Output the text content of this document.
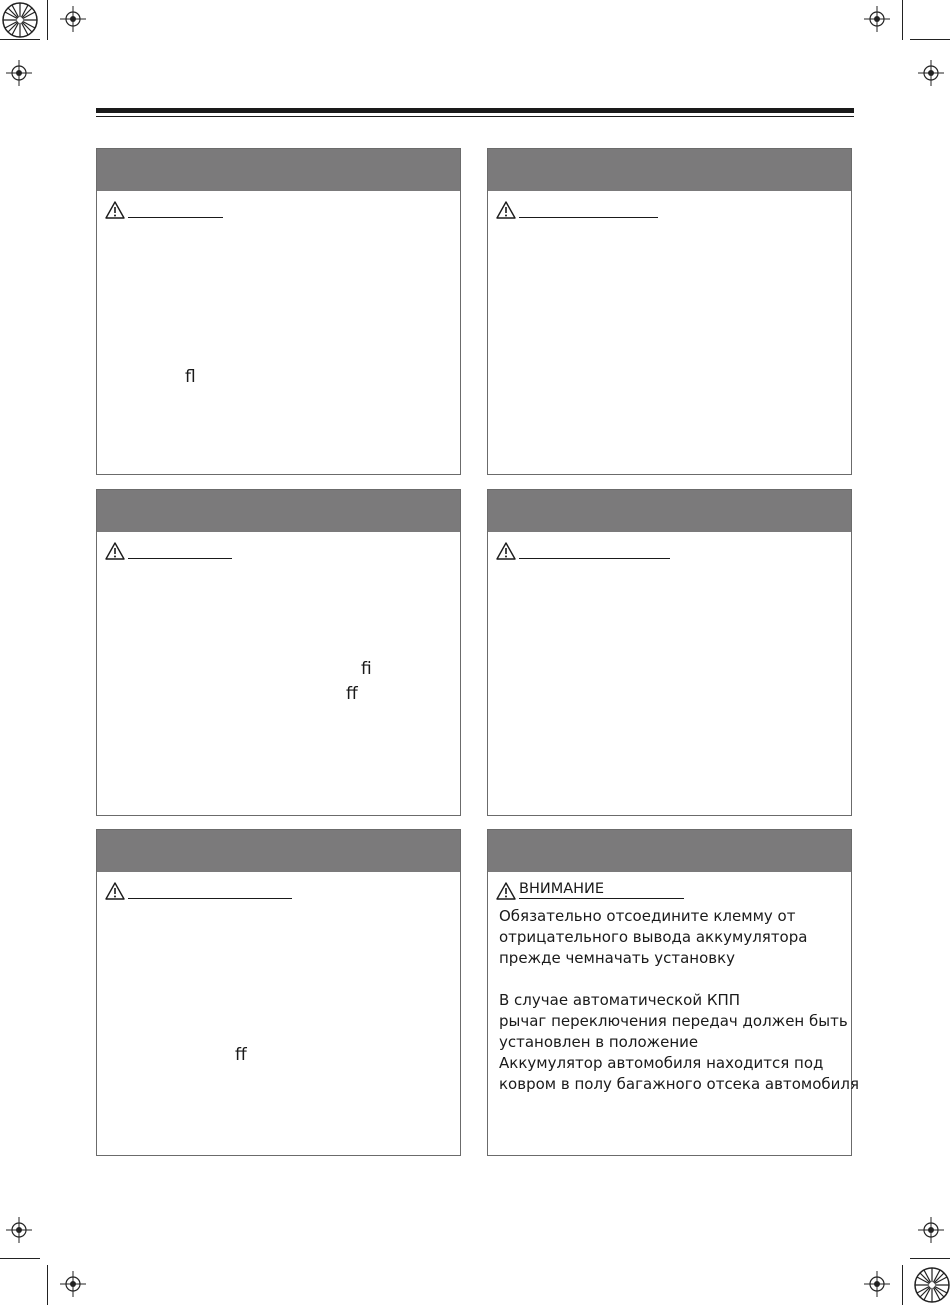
ﬂ
ﬁ
ﬀ
ﬀ
ВНИМАНИЕ

Обязательно отсоедините клемму от

отрицательного вывода аккумулятора

прежде чемначать установку

В случае автоматической КПП

рычаг переключения передач должен быть

установлен в положение

Аккумулятор автомобиля находится под

ковром в полу багажного отсека автомобиля
